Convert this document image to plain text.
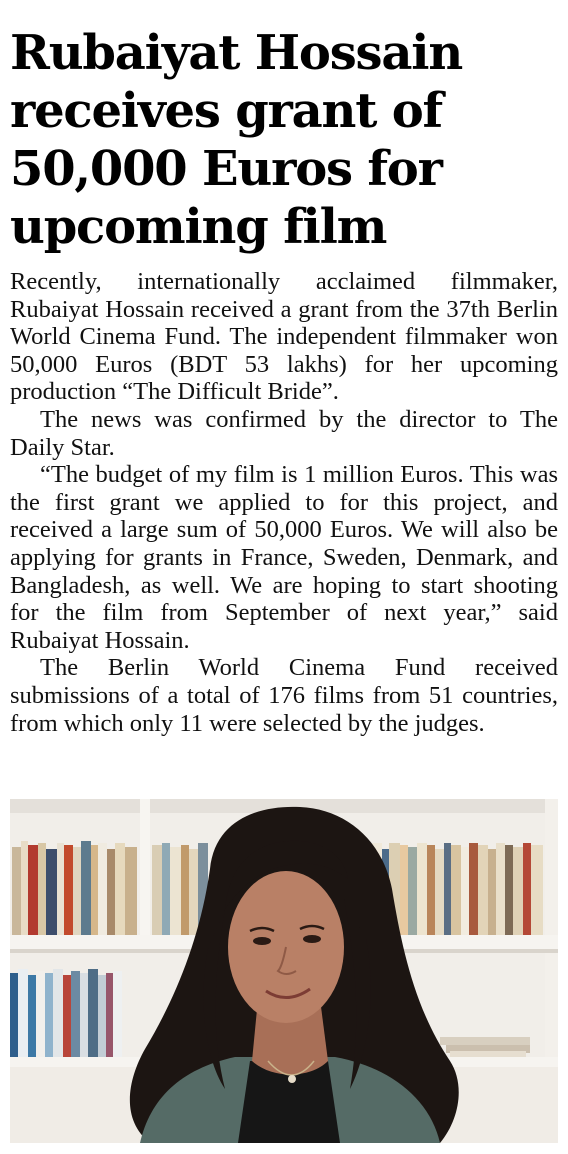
Rubaiyat Hossain receives grant of 50,000 Euros for upcoming film

Recently, internationally acclaimed filmmaker, Rubaiyat Hossain received a grant from the 37th Berlin World Cinema Fund. The independent filmmaker won 50,000 Euros (BDT 53 lakhs) for her upcoming production “The Difficult Bride”.

The news was confirmed by the director to The Daily Star.

“The budget of my film is 1 million Euros. This was the first grant we applied to for this project, and received a large sum of 50,000 Euros. We will also be applying for grants in France, Sweden, Denmark, and Bangladesh, as well. We are hoping to start shooting for the film from September of next year,” said Rubaiyat Hossain.

The Berlin World Cinema Fund received submissions of a total of 176 films from 51 countries, from which only 11 were selected by the judges.
